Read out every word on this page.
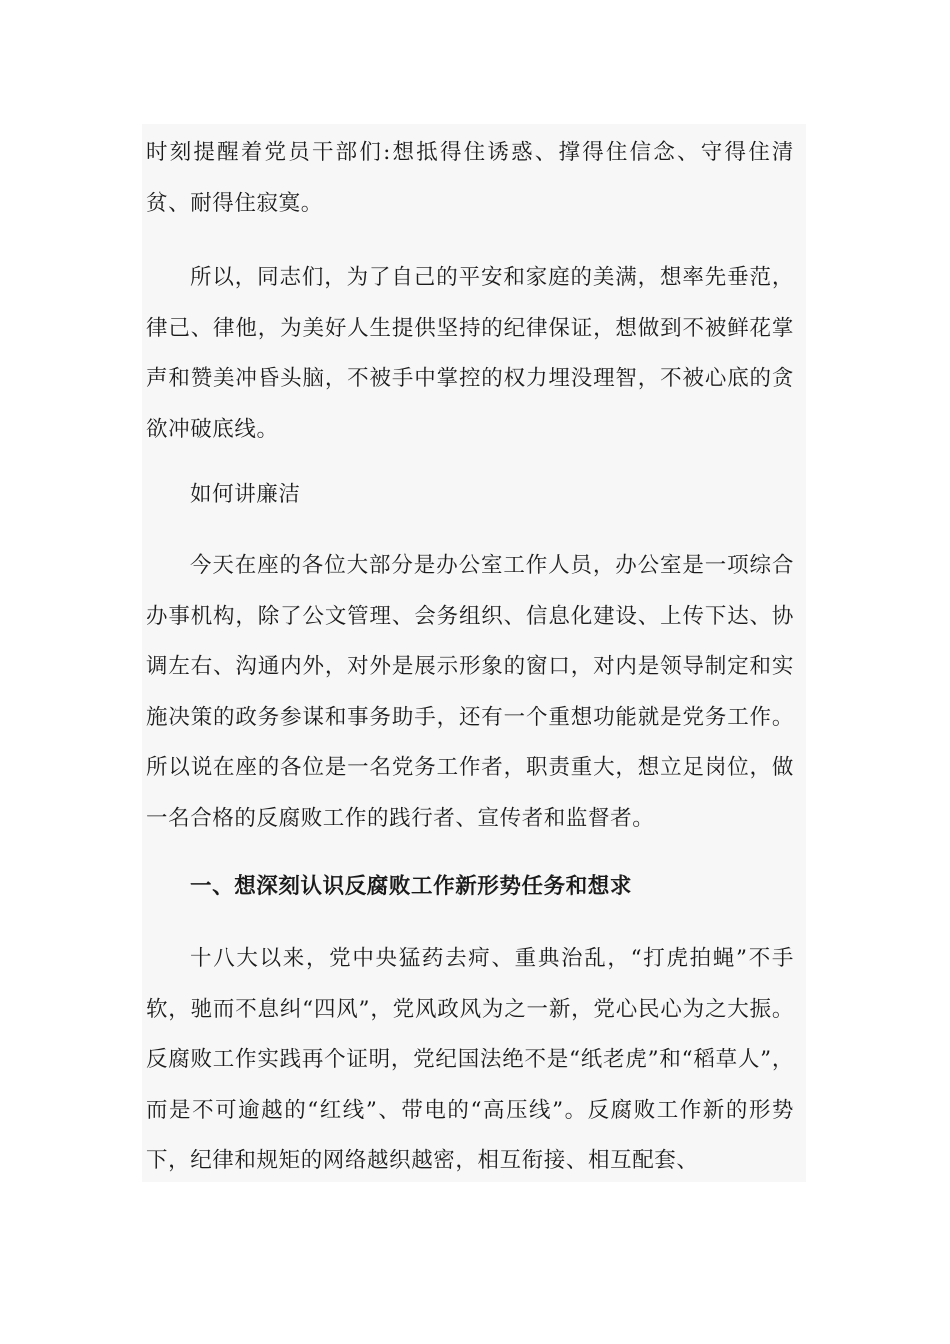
时刻提醒着党员干部们:想抵得住诱惑、撑得住信念、守得住清贫、耐得住寂寞。

所以，同志们，为了自己的平安和家庭的美满，想率先垂范，律己、律他，为美好人生提供坚持的纪律保证，想做到不被鲜花掌声和赞美冲昏头脑，不被手中掌控的权力埋没理智，不被心底的贪欲冲破底线。

如何讲廉洁

今天在座的各位大部分是办公室工作人员，办公室是一项综合办事机构，除了公文管理、会务组织、信息化建设、上传下达、协调左右、沟通内外，对外是展示形象的窗口，对内是领导制定和实施决策的政务参谋和事务助手，还有一个重想功能就是党务工作。所以说在座的各位是一名党务工作者，职责重大，想立足岗位，做一名合格的反腐败工作的践行者、宣传者和监督者。

一、想深刻认识反腐败工作新形势任务和想求

十八大以来，党中央猛药去疴、重典治乱，“打虎拍蝇”不手软，驰而不息纠“四风”，党风政风为之一新，党心民心为之大振。反腐败工作实践再个证明，党纪国法绝不是“纸老虎”和“稻草人”，而是不可逾越的“红线”、带电的“高压线”。反腐败工作新的形势下，纪律和规矩的网络越织越密，相互衔接、相互配套、
